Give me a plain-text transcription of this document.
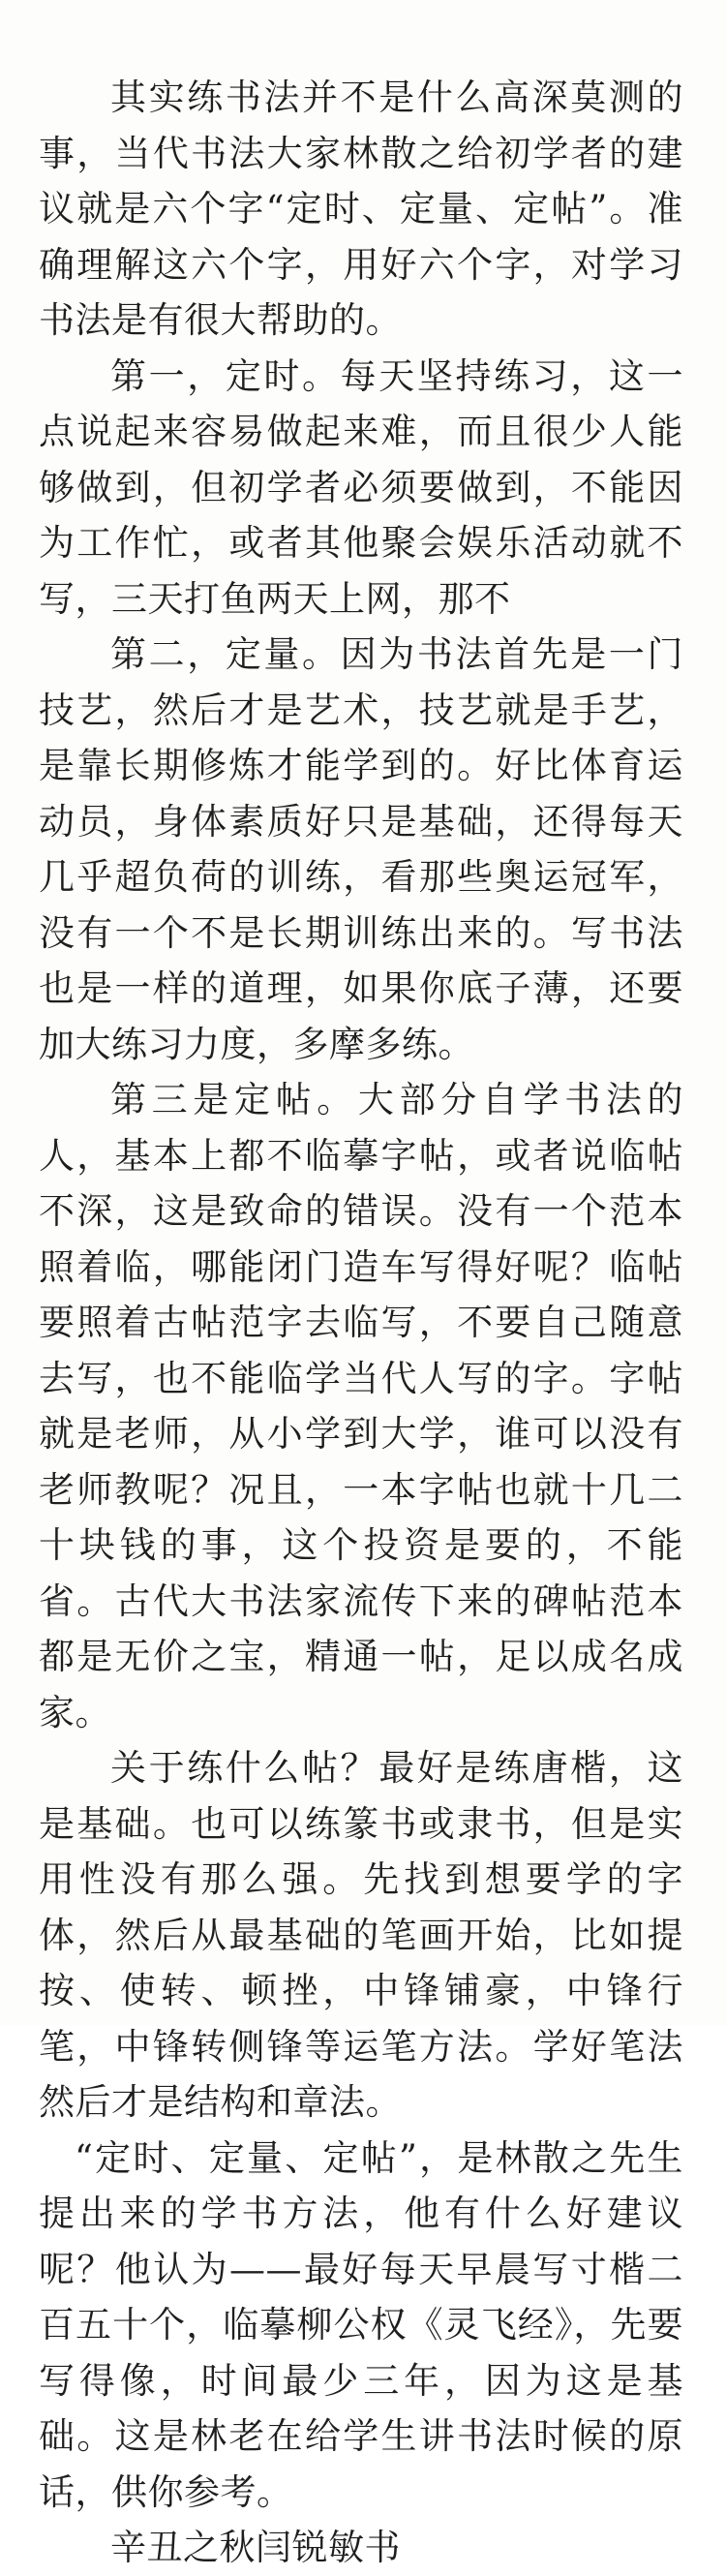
其实练书法并不是什么高深莫测的事，当代书法大家林散之给初学者的建议就是六个字“定时、定量、定帖”。准确理解这六个字，用好六个字，对学习书法是有很大帮助的。

第一，定时。每天坚持练习，这一点说起来容易做起来难，而且很少人能够做到，但初学者必须要做到，不能因为工作忙，或者其他聚会娱乐活动就不写，三天打鱼两天上网，那不

第二，定量。因为书法首先是一门技艺，然后才是艺术，技艺就是手艺，是靠长期修炼才能学到的。好比体育运动员，身体素质好只是基础，还得每天几乎超负荷的训练，看那些奥运冠军，没有一个不是长期训练出来的。写书法也是一样的道理，如果你底子薄，还要加大练习力度，多摩多练。

第三是定帖。大部分自学书法的人，基本上都不临摹字帖，或者说临帖不深，这是致命的错误。没有一个范本照着临，哪能闭门造车写得好呢？临帖要照着古帖范字去临写，不要自己随意去写，也不能临学当代人写的字。字帖就是老师，从小学到大学，谁可以没有老师教呢？况且，一本字帖也就十几二十块钱的事，这个投资是要的，不能省。古代大书法家流传下来的碑帖范本都是无价之宝，精通一帖，足以成名成家。

关于练什么帖？最好是练唐楷，这是基础。也可以练篆书或隶书，但是实用性没有那么强。先找到想要学的字体，然后从最基础的笔画开始，比如提按、使转、顿挫，中锋铺豪，中锋行笔，中锋转侧锋等运笔方法。学好笔法然后才是结构和章法。

“定时、定量、定帖”，是林散之先生提出来的学书方法，他有什么好建议呢？他认为——最好每天早晨写寸楷二百五十个，临摹柳公权《灵飞经》，先要写得像，时间最少三年，因为这是基础。这是林老在给学生讲书法时候的原话，供你参考。

辛丑之秋闫锐敏书
